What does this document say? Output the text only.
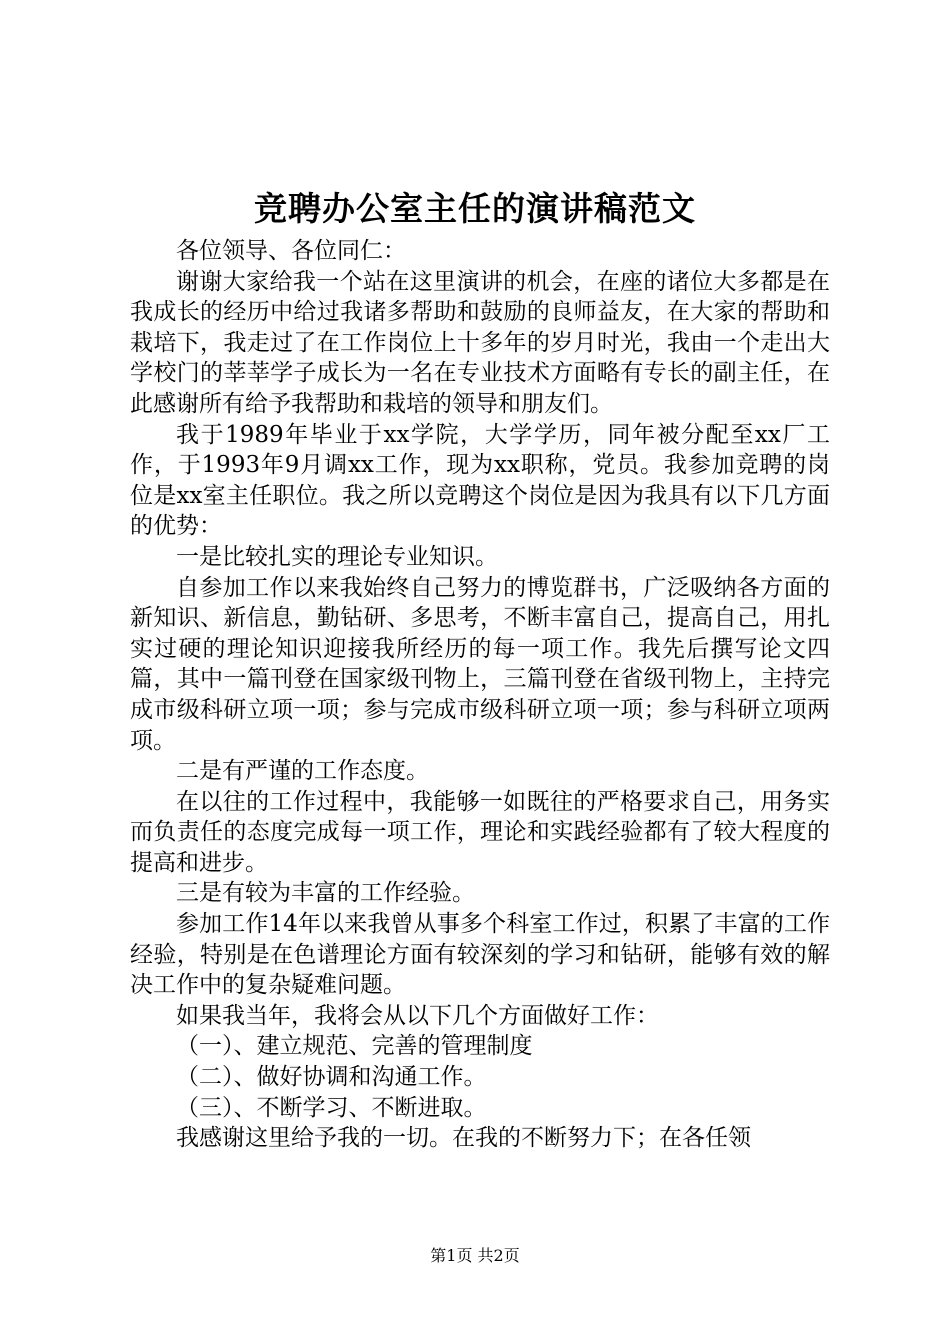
竞聘办公室主任的演讲稿范文

各位领导、各位同仁：

谢谢大家给我一个站在这里演讲的机会，在座的诸位大多都是在我成长的经历中给过我诸多帮助和鼓励的良师益友，在大家的帮助和栽培下，我走过了在工作岗位上十多年的岁月时光，我由一个走出大学校门的莘莘学子成长为一名在专业技术方面略有专长的副主任，在此感谢所有给予我帮助和栽培的领导和朋友们。

我于1989年毕业于xx学院，大学学历，同年被分配至xx厂工作，于1993年9月调xx工作，现为xx职称，党员。我参加竞聘的岗位是xx室主任职位。我之所以竞聘这个岗位是因为我具有以下几方面的优势：

一是比较扎实的理论专业知识。

自参加工作以来我始终自己努力的博览群书，广泛吸纳各方面的新知识、新信息，勤钻研、多思考，不断丰富自己，提高自己，用扎实过硬的理论知识迎接我所经历的每一项工作。我先后撰写论文四篇，其中一篇刊登在国家级刊物上，三篇刊登在省级刊物上，主持完成市级科研立项一项；参与完成市级科研立项一项；参与科研立项两项。

二是有严谨的工作态度。

在以往的工作过程中，我能够一如既往的严格要求自己，用务实而负责任的态度完成每一项工作，理论和实践经验都有了较大程度的提高和进步。

三是有较为丰富的工作经验。

参加工作14年以来我曾从事多个科室工作过，积累了丰富的工作经验，特别是在色谱理论方面有较深刻的学习和钻研，能够有效的解决工作中的复杂疑难问题。

如果我当年，我将会从以下几个方面做好工作：

（一）、建立规范、完善的管理制度

（二）、做好协调和沟通工作。

（三）、不断学习、不断进取。

我感谢这里给予我的一切。在我的不断努力下；在各任领

第1页 共2页
